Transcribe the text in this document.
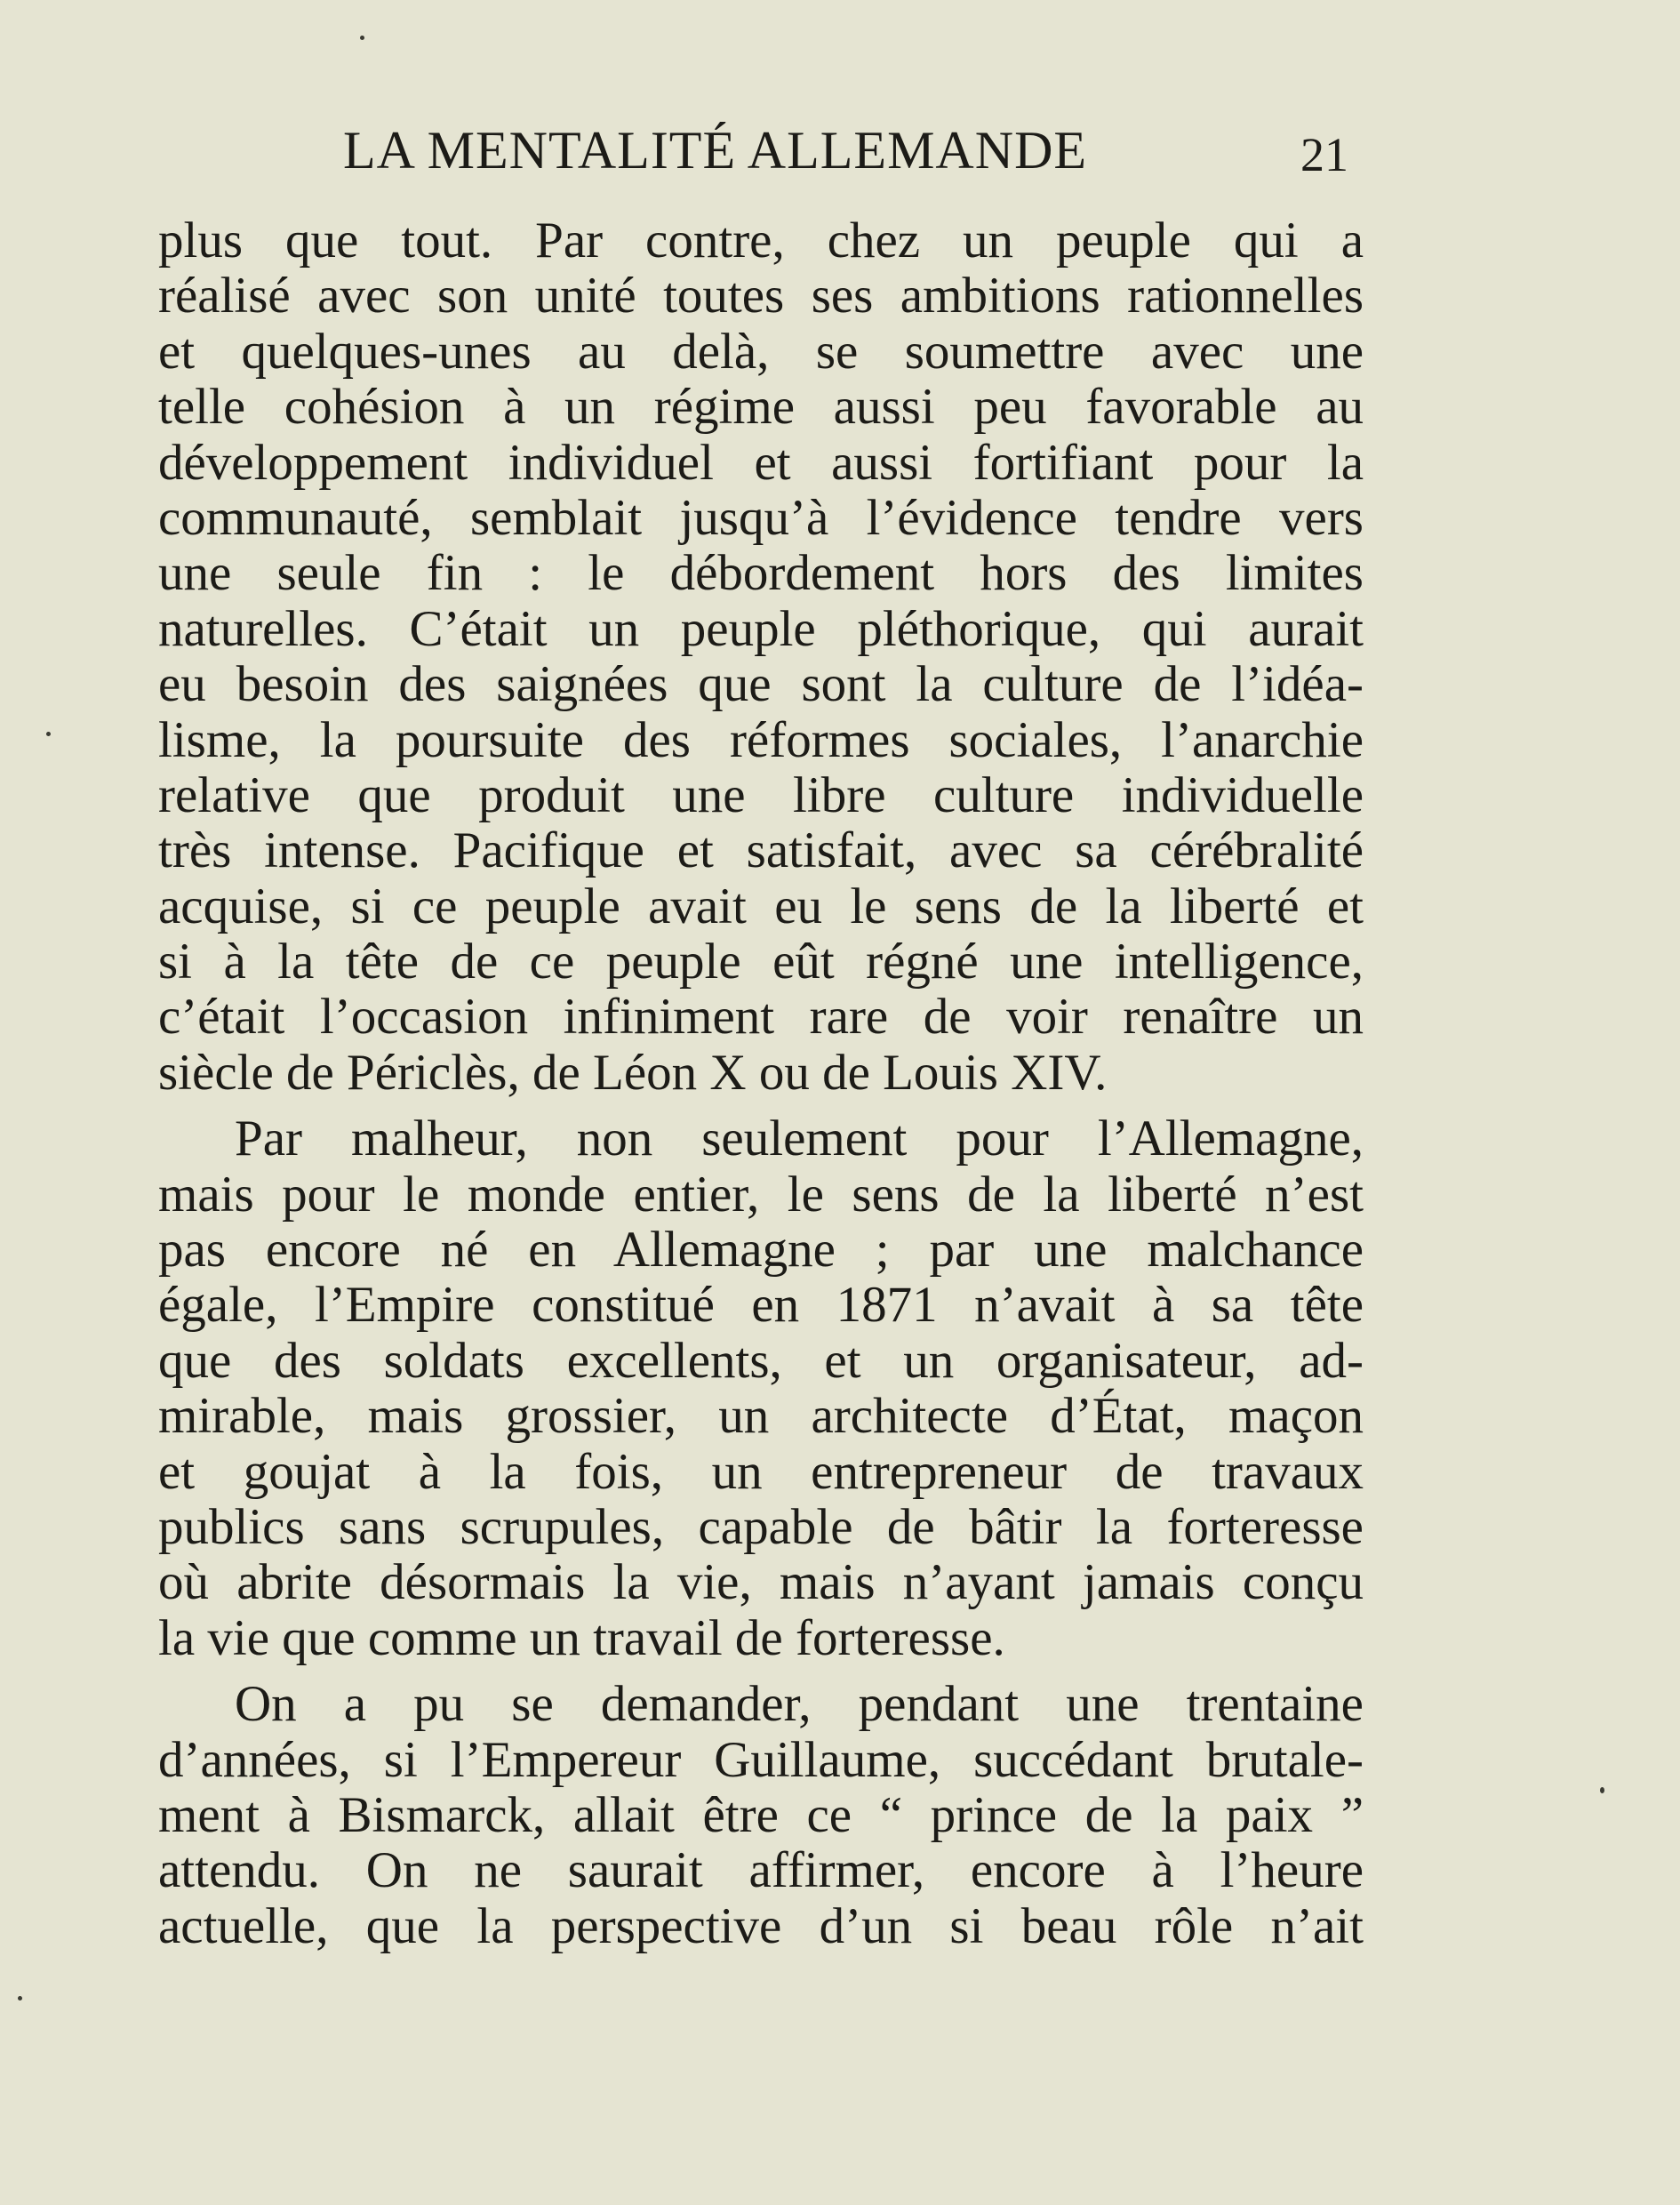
LA MENTALITÉ ALLEMANDE	21
plus que tout. Par contre, chez un peuple qui a
réalisé avec son unité toutes ses ambitions rationnelles
et quelques-unes au delà, se soumettre avec une
telle cohésion à un régime aussi peu favorable au
développement individuel et aussi fortifiant pour la
communauté, semblait jusqu’à l’évidence tendre vers
une seule fin : le débordement hors des limites
naturelles. C’était un peuple pléthorique, qui aurait
eu besoin des saignées que sont la culture de l’idéa-
lisme, la poursuite des réformes sociales, l’anarchie
relative que produit une libre culture individuelle
très intense. Pacifique et satisfait, avec sa cérébralité
acquise, si ce peuple avait eu le sens de la liberté et
si à la tête de ce peuple eût régné une intelligence,
c’était l’occasion infiniment rare de voir renaître un
siècle de Périclès, de Léon X ou de Louis XIV.
Par malheur, non seulement pour l’Allemagne,
mais pour le monde entier, le sens de la liberté n’est
pas encore né en Allemagne ; par une malchance
égale, l’Empire constitué en 1871 n’avait à sa tête
que des soldats excellents, et un organisateur, ad-
mirable, mais grossier, un architecte d’État, maçon
et goujat à la fois, un entrepreneur de travaux
publics sans scrupules, capable de bâtir la forteresse
où abrite désormais la vie, mais n’ayant jamais conçu
la vie que comme un travail de forteresse.
On a pu se demander, pendant une trentaine
d’années, si l’Empereur Guillaume, succédant brutale-
ment à Bismarck, allait être ce “ prince de la paix ”
attendu. On ne saurait affirmer, encore à l’heure
actuelle, que la perspective d’un si beau rôle n’ait
